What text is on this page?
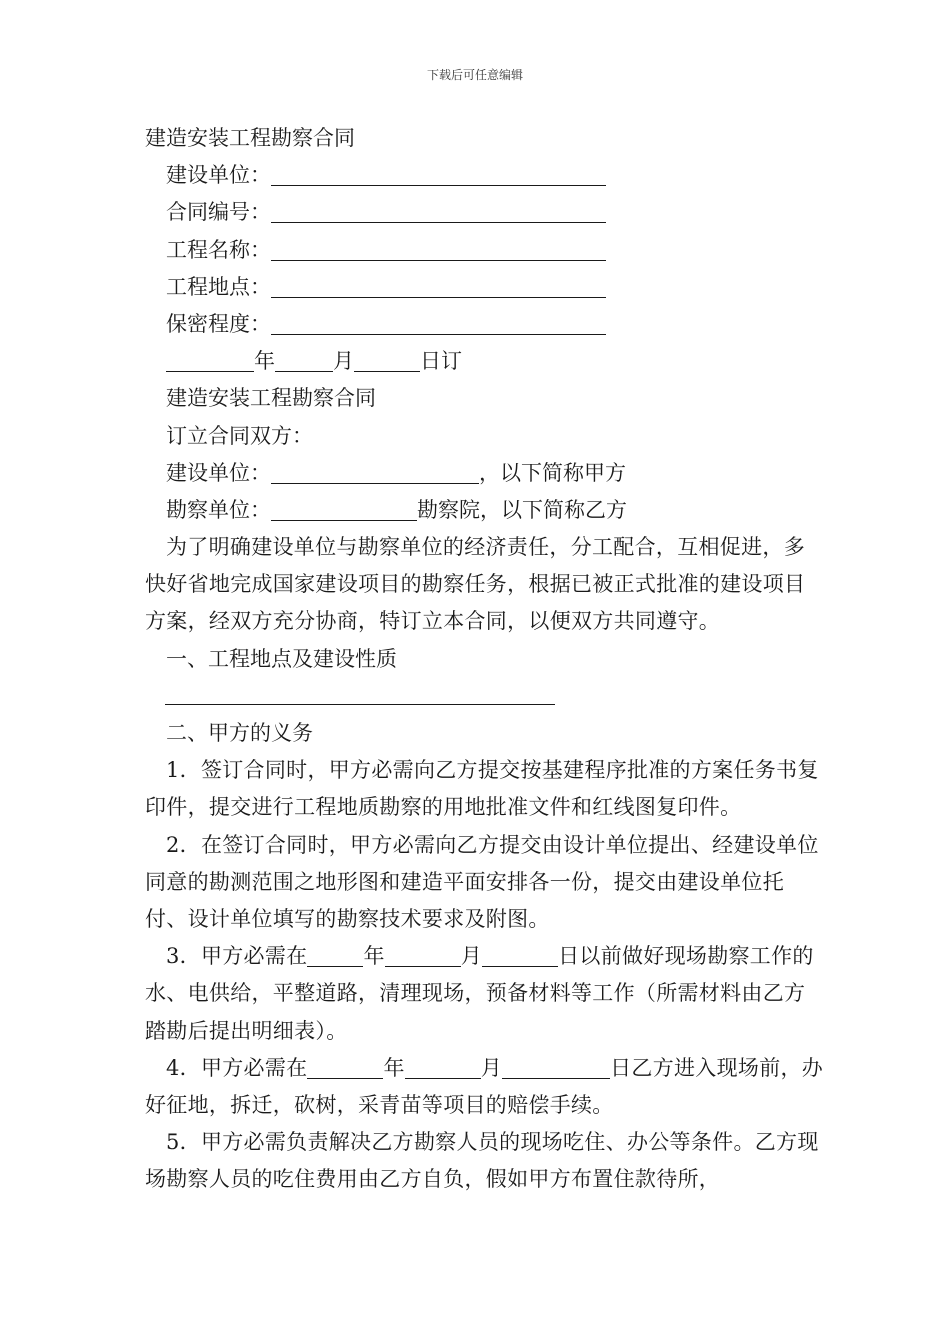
下载后可任意编辑
建造安装工程勘察合同
建设单位：
合同编号：
工程名称：
工程地点：
保密程度：
年	月	日订
建造安装工程勘察合同
订立合同双方：
建设单位：	，以下简称甲方
勘察单位：	勘察院，以下简称乙方
为了明确建设单位与勘察单位的经济责任，分工配合，互相促进，多快好省地完成国家建设项目的勘察任务，根据已被正式批准的建设项目方案，经双方充分协商，特订立本合同，以便双方共同遵守。
一、工程地点及建设性质
二、甲方的义务
1．签订合同时，甲方必需向乙方提交按基建程序批准的方案任务书复印件，提交进行工程地质勘察的用地批准文件和红线图复印件。
2．在签订合同时，甲方必需向乙方提交由设计单位提出、经建设单位同意的勘测范围之地形图和建造平面安排各一份，提交由建设单位托付、设计单位填写的勘察技术要求及附图。
3．甲方必需在	年	月	日以前做好现场勘察工作的水、电供给，平整道路，清理现场，预备材料等工作（所需材料由乙方踏勘后提出明细表）。
4．甲方必需在	年	月	日乙方进入现场前，办好征地，拆迁，砍树，采青苗等项目的赔偿手续。
5．甲方必需负责解决乙方勘察人员的现场吃住、办公等条件。乙方现场勘察人员的吃住费用由乙方自负，假如甲方布置住款待所，
